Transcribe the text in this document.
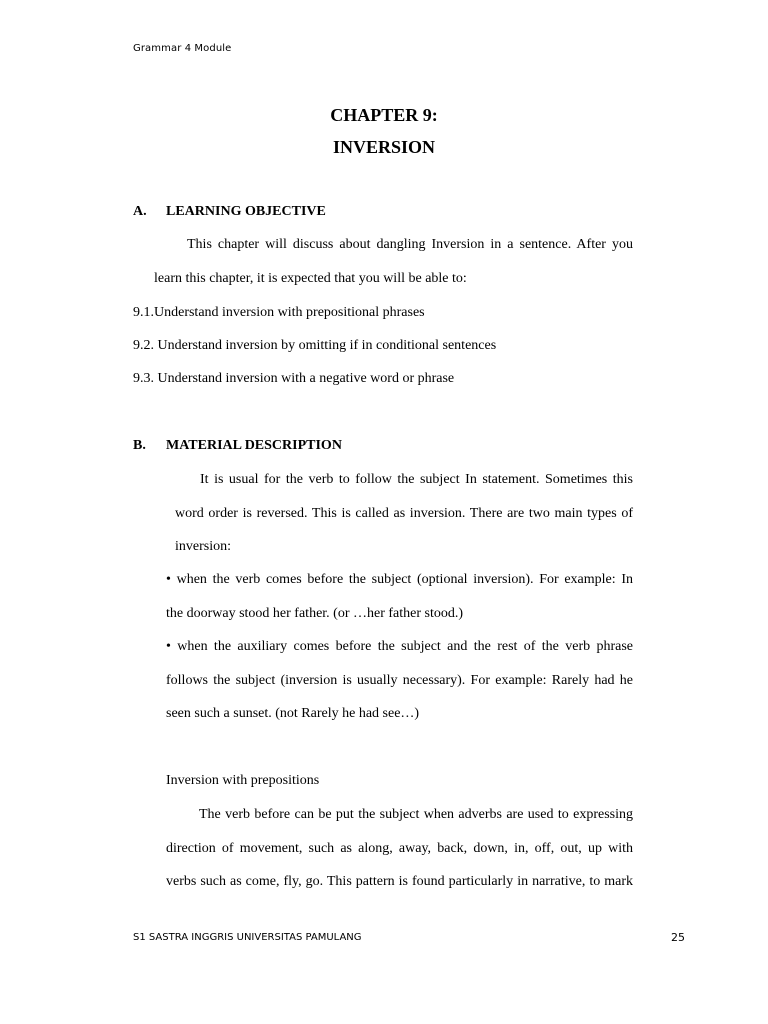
Grammar 4 Module
CHAPTER 9:
INVERSION
A. LEARNING OBJECTIVE
This chapter will discuss about dangling Inversion in a sentence. After you
learn this chapter, it is expected that you will be able to:
9.1.Understand inversion with prepositional phrases
9.2. Understand inversion by omitting if in conditional sentences
9.3. Understand inversion with a negative word or phrase
B. MATERIAL DESCRIPTION
It is usual for the verb to follow the subject In statement. Sometimes this
word order is reversed. This is called as inversion. There are two main types of
inversion:
• when the verb comes before the subject (optional inversion). For example: In
the doorway stood her father. (or …her father stood.)
• when the auxiliary comes before the subject and the rest of the verb phrase
follows the subject (inversion is usually necessary). For example: Rarely had he
seen such a sunset. (not Rarely he had see…)
Inversion with prepositions
The verb before can be put the subject when adverbs are used to expressing
direction of movement, such as along, away, back, down, in, off, out, up with
verbs such as come, fly, go. This pattern is found particularly in narrative, to mark
S1 SASTRA INGGRIS UNIVERSITAS PAMULANG	25
